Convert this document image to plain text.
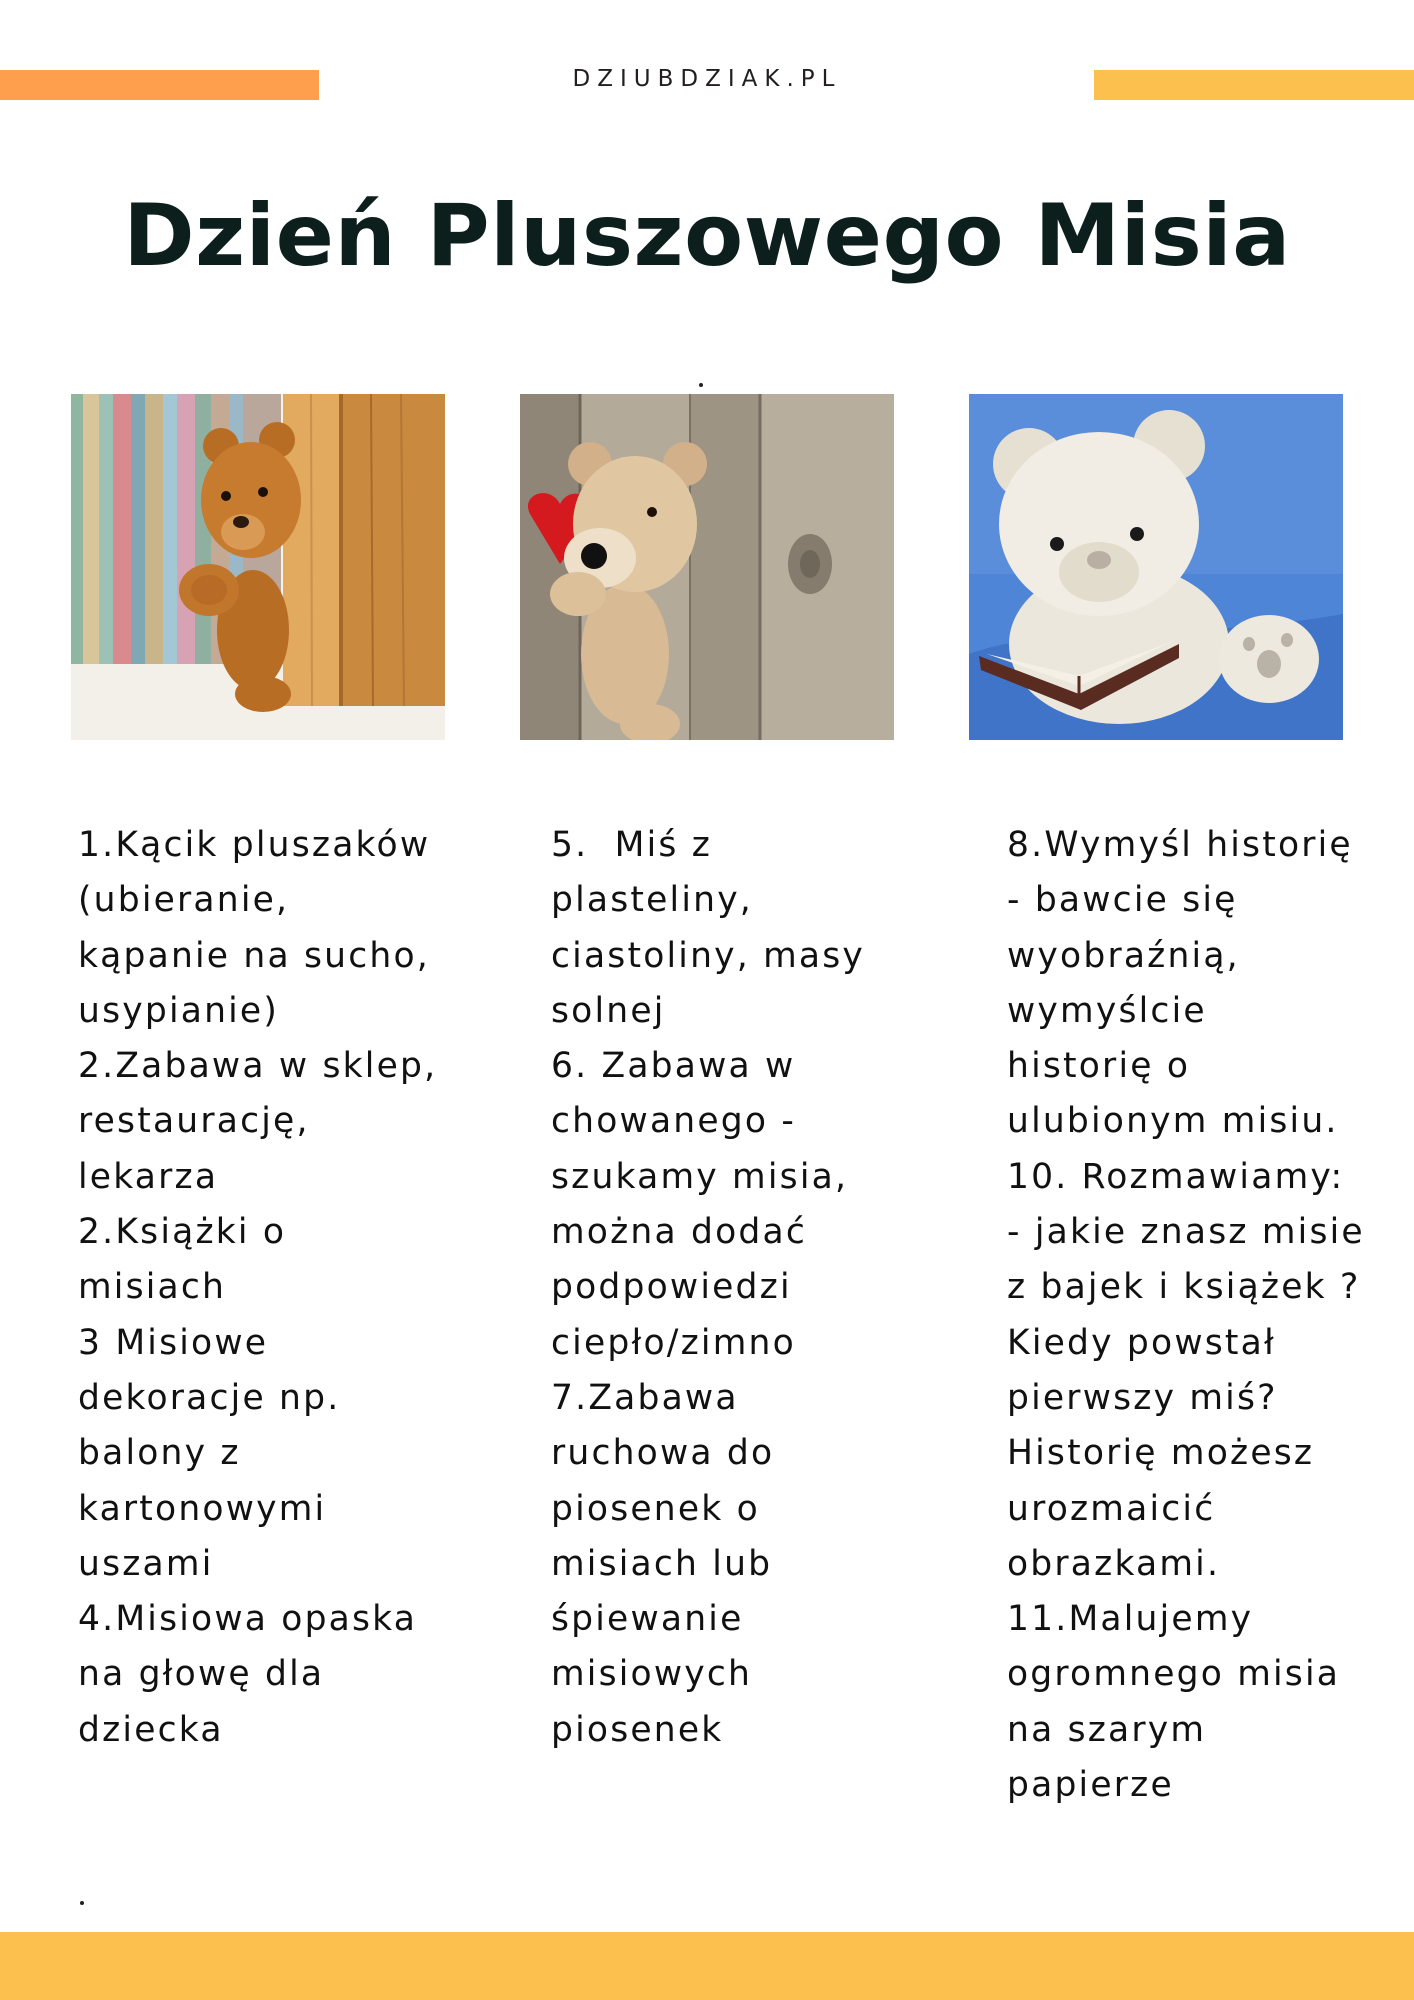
DZIUBDZIAK.PL
Dzień Pluszowego Misia
1.Kącik pluszaków
(ubieranie,
kąpanie na sucho,
usypianie)
2.Zabawa w sklep,
restaurację,
lekarza
2.Książki o
misiach
3 Misiowe
dekoracje np.
balony z
kartonowymi
uszami
4.Misiowa opaska
na głowę dla
dziecka
5.  Miś z
plasteliny,
ciastoliny, masy
solnej
6. Zabawa w
chowanego -
szukamy misia,
można dodać
podpowiedzi
ciepło/zimno
7.Zabawa
ruchowa do
piosenek o
misiach lub
śpiewanie
misiowych
piosenek
8.Wymyśl historię
- bawcie się
wyobraźnią,
wymyślcie
historię o
ulubionym misiu.
10. Rozmawiamy:
- jakie znasz misie
z bajek i książek ?
Kiedy powstał
pierwszy miś?
Historię możesz
urozmaicić
obrazkami.
11.Malujemy
ogromnego misia
na szarym
papierze
